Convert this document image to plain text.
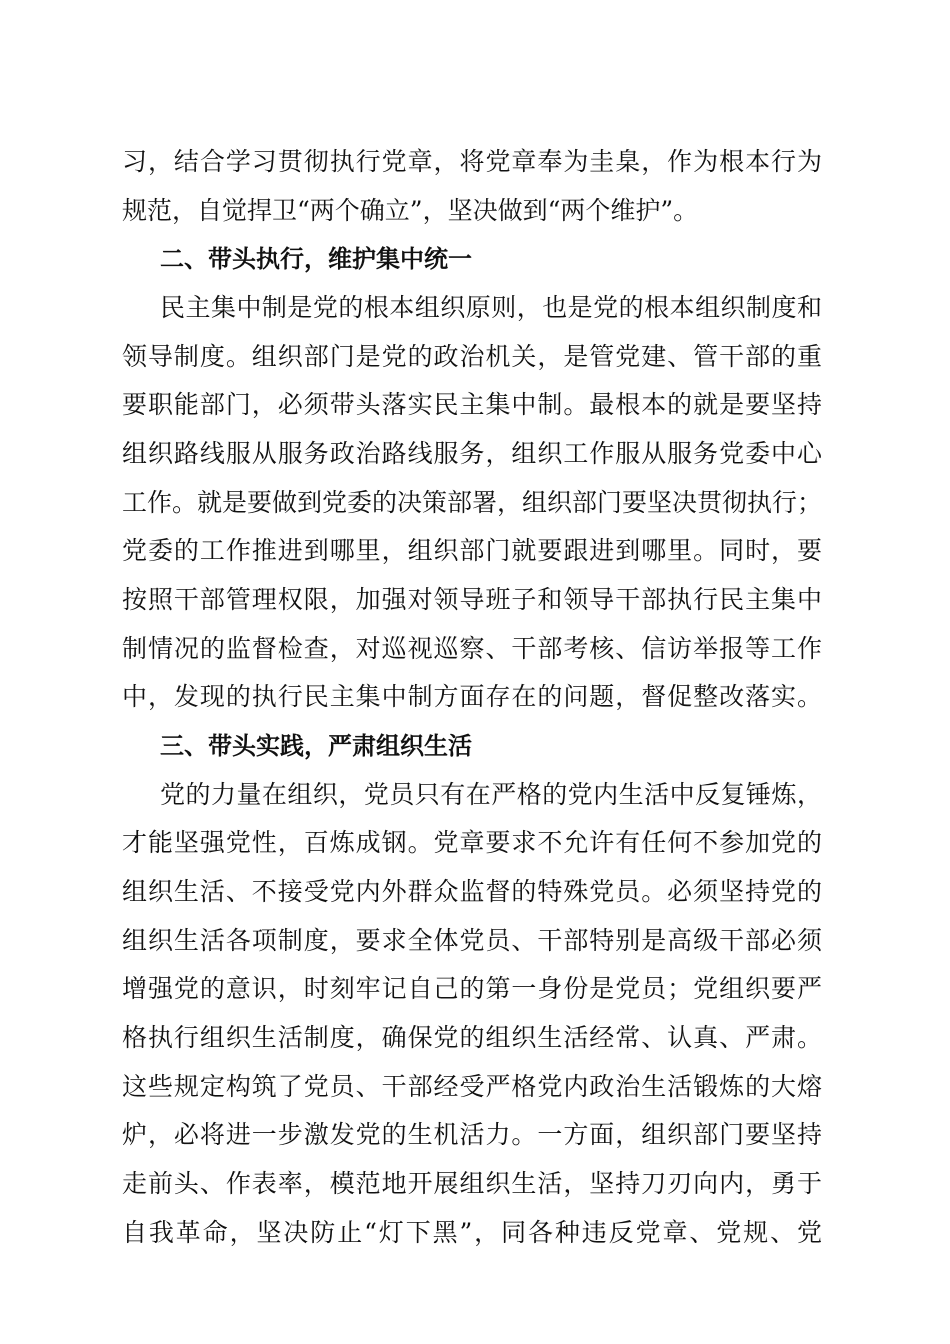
习，结合学习贯彻执行党章，将党章奉为圭臬，作为根本行为
规范，自觉捍卫“两个确立”，坚决做到“两个维护”。
二、带头执行，维护集中统一
民主集中制是党的根本组织原则，也是党的根本组织制度和
领导制度。组织部门是党的政治机关，是管党建、管干部的重
要职能部门，必须带头落实民主集中制。最根本的就是要坚持
组织路线服从服务政治路线服务，组织工作服从服务党委中心
工作。就是要做到党委的决策部署，组织部门要坚决贯彻执行；
党委的工作推进到哪里，组织部门就要跟进到哪里。同时，要
按照干部管理权限，加强对领导班子和领导干部执行民主集中
制情况的监督检查，对巡视巡察、干部考核、信访举报等工作
中，发现的执行民主集中制方面存在的问题，督促整改落实。
三、带头实践，严肃组织生活
党的力量在组织，党员只有在严格的党内生活中反复锤炼，
才能坚强党性，百炼成钢。党章要求不允许有任何不参加党的
组织生活、不接受党内外群众监督的特殊党员。必须坚持党的
组织生活各项制度，要求全体党员、干部特别是高级干部必须
增强党的意识，时刻牢记自己的第一身份是党员；党组织要严
格执行组织生活制度，确保党的组织生活经常、认真、严肃。
这些规定构筑了党员、干部经受严格党内政治生活锻炼的大熔
炉，必将进一步激发党的生机活力。一方面，组织部门要坚持
走前头、作表率，模范地开展组织生活，坚持刀刃向内，勇于
自我革命，坚决防止“灯下黑”，同各种违反党章、党规、党
